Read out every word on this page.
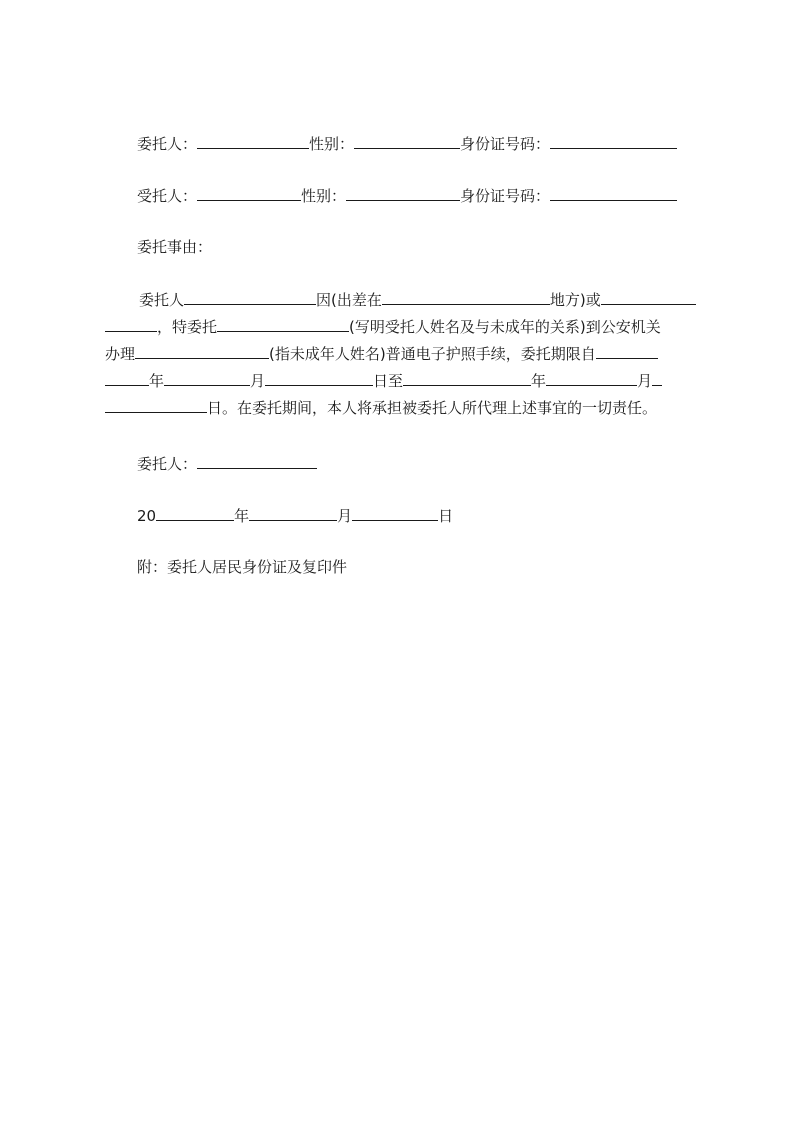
委托人：	性别：	身份证号码：
受托人：	性别：	身份证号码：
委托事由：
委托人	因(出差在	地方)或
，特委托	(写明受托人姓名及与未成年的关系)到公安机关
办理	(指未成年人姓名)普通电子护照手续，委托期限自
年	月	日至	年	月
日。在委托期间，本人将承担被委托人所代理上述事宜的一切责任。
委托人：
20	年	月	日
附：委托人居民身份证及复印件
